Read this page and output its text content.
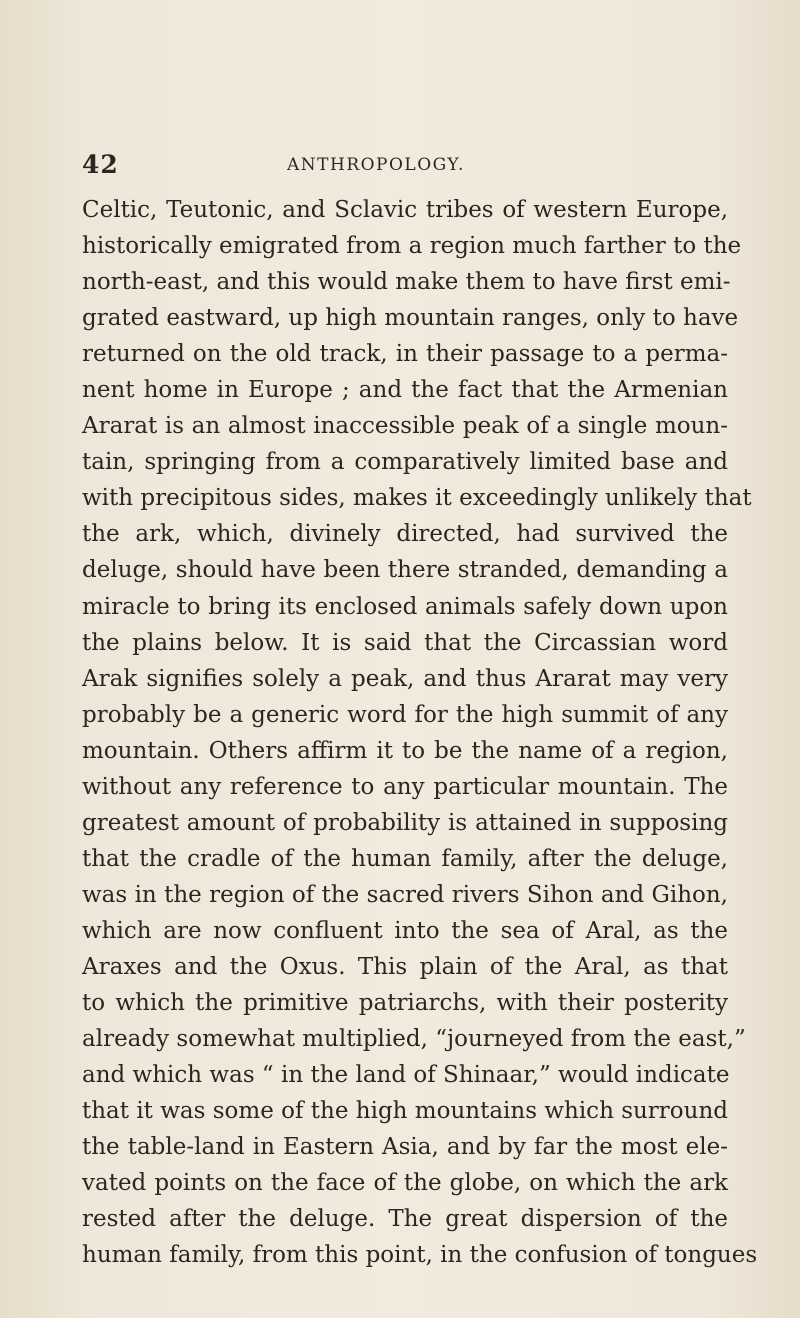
42	ANTHROPOLOGY.
Celtic, Teutonic, and Sclavic tribes of western Europe,
historically emigrated from a region much farther to the
north-east, and this would make them to have first emi-
grated eastward, up high mountain ranges, only to have
returned on the old track, in their passage to a perma-
nent home in Europe ; and the fact that the Armenian
Ararat is an almost inaccessible peak of a single moun-
tain, springing from a comparatively limited base and
with precipitous sides, makes it exceedingly unlikely that
the ark, which, divinely directed, had survived the
deluge, should have been there stranded, demanding a
miracle to bring its enclosed animals safely down upon
the plains below. It is said that the Circassian word
Arak signifies solely a peak, and thus Ararat may very
probably be a generic word for the high summit of any
mountain. Others affirm it to be the name of a region,
without any reference to any particular mountain. The
greatest amount of probability is attained in supposing
that the cradle of the human family, after the deluge,
was in the region of the sacred rivers Sihon and Gihon,
which are now confluent into the sea of Aral, as the
Araxes and the Oxus. This plain of the Aral, as that
to which the primitive patriarchs, with their posterity
already somewhat multiplied, “journeyed from the east,”
and which was “ in the land of Shinaar,” would indicate
that it was some of the high mountains which surround
the table-land in Eastern Asia, and by far the most ele-
vated points on the face of the globe, on which the ark
rested after the deluge. The great dispersion of the
human family, from this point, in the confusion of tongues
